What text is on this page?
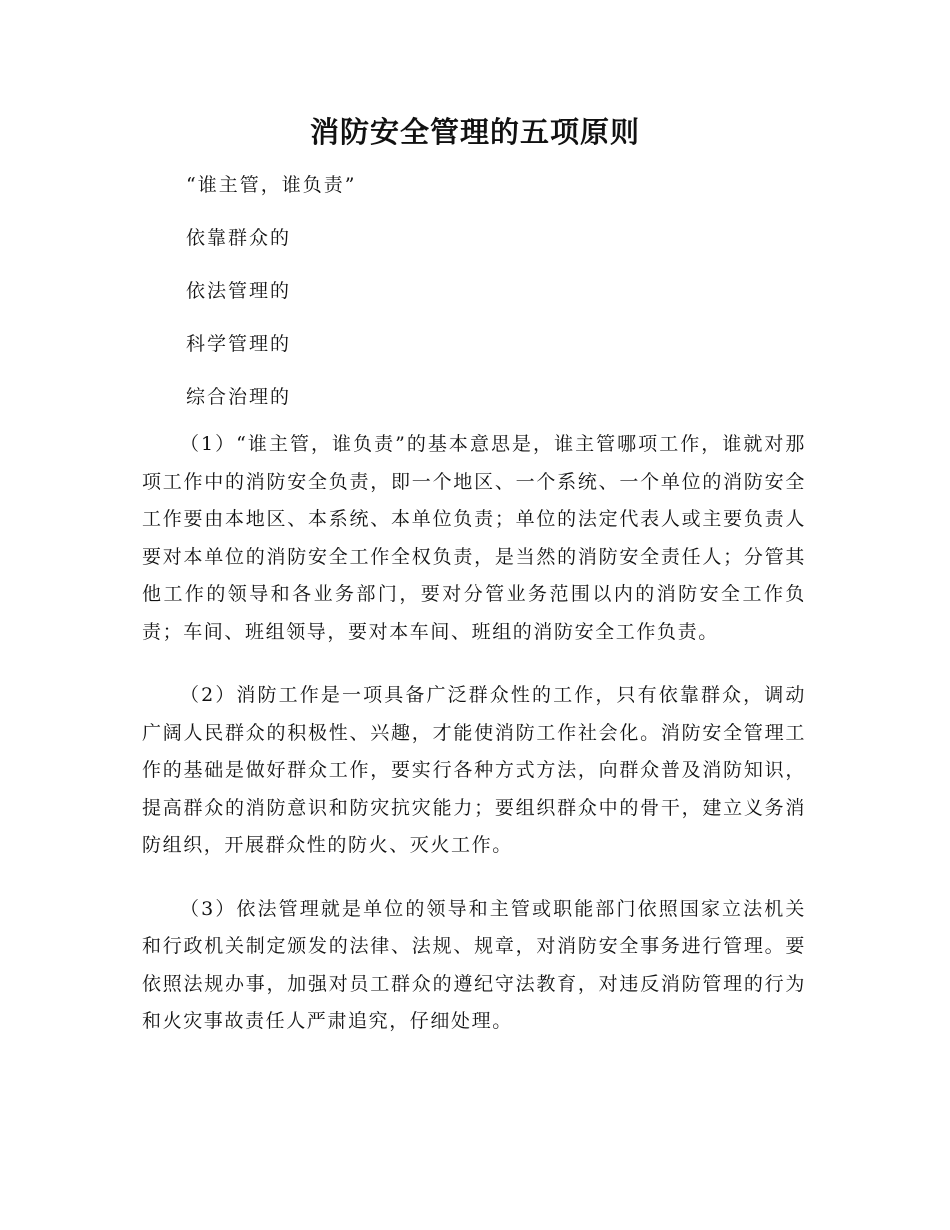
消防安全管理的五项原则
“谁主管，谁负责”
依靠群众的
依法管理的
科学管理的
综合治理的

（1）“谁主管，谁负责”的基本意思是，谁主管哪项工作，谁就对那项工作中的消防安全负责，即一个地区、一个系统、一个单位的消防安全工作要由本地区、本系统、本单位负责；单位的法定代表人或主要负责人要对本单位的消防安全工作全权负责，是当然的消防安全责任人；分管其他工作的领导和各业务部门，要对分管业务范围以内的消防安全工作负责；车间、班组领导，要对本车间、班组的消防安全工作负责。

（2）消防工作是一项具备广泛群众性的工作，只有依靠群众，调动广阔人民群众的积极性、兴趣，才能使消防工作社会化。消防安全管理工作的基础是做好群众工作，要实行各种方式方法，向群众普及消防知识，提高群众的消防意识和防灾抗灾能力；要组织群众中的骨干，建立义务消防组织，开展群众性的防火、灭火工作。

（3）依法管理就是单位的领导和主管或职能部门依照国家立法机关和行政机关制定颁发的法律、法规、规章，对消防安全事务进行管理。要依照法规办事，加强对员工群众的遵纪守法教育，对违反消防管理的行为和火灾事故责任人严肃追究，仔细处理。
